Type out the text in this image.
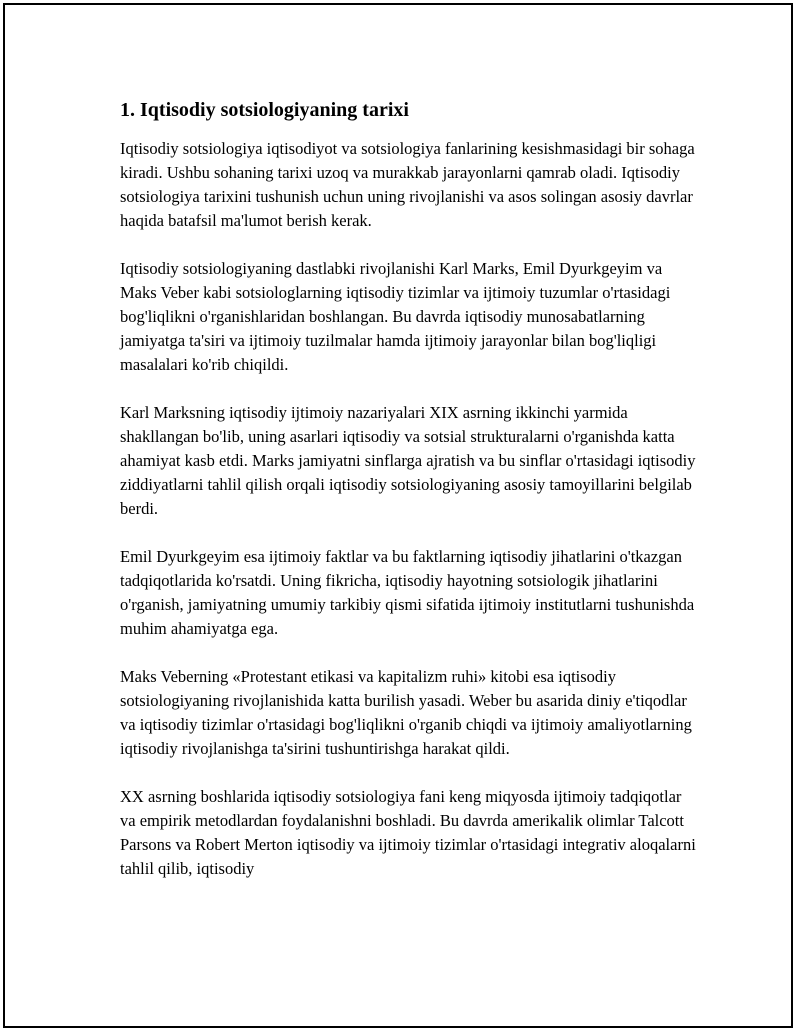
1. Iqtisodiy sotsiologiyaning tarixi

Iqtisodiy sotsiologiya iqtisodiyot va sotsiologiya fanlarining kesishmasidagi bir sohaga kiradi. Ushbu sohaning tarixi uzoq va murakkab jarayonlarni qamrab oladi. Iqtisodiy sotsiologiya tarixini tushunish uchun uning rivojlanishi va asos solingan asosiy davrlar haqida batafsil ma'lumot berish kerak.

Iqtisodiy sotsiologiyaning dastlabki rivojlanishi Karl Marks, Emil Dyurkgeyim va Maks Veber kabi sotsiologlarning iqtisodiy tizimlar va ijtimoiy tuzumlar o'rtasidagi bog'liqlikni o'rganishlaridan boshlangan. Bu davrda iqtisodiy munosabatlarning jamiyatga ta'siri va ijtimoiy tuzilmalar hamda ijtimoiy jarayonlar bilan bog'liqligi masalalari ko'rib chiqildi.

Karl Marksning iqtisodiy ijtimoiy nazariyalari XIX asrning ikkinchi yarmida shakllangan bo'lib, uning asarlari iqtisodiy va sotsial strukturalarni o'rganishda katta ahamiyat kasb etdi. Marks jamiyatni sinflarga ajratish va bu sinflar o'rtasidagi iqtisodiy ziddiyatlarni tahlil qilish orqali iqtisodiy sotsiologiyaning asosiy tamoyillarini belgilab berdi.

Emil Dyurkgeyim esa ijtimoiy faktlar va bu faktlarning iqtisodiy jihatlarini o'tkazgan tadqiqotlarida ko'rsatdi. Uning fikricha, iqtisodiy hayotning sotsiologik jihatlarini o'rganish, jamiyatning umumiy tarkibiy qismi sifatida ijtimoiy institutlarni tushunishda muhim ahamiyatga ega.

Maks Veberning «Protestant etikasi va kapitalizm ruhi» kitobi esa iqtisodiy sotsiologiyaning rivojlanishida katta burilish yasadi. Weber bu asarida diniy e'tiqodlar va iqtisodiy tizimlar o'rtasidagi bog'liqlikni o'rganib chiqdi va ijtimoiy amaliyotlarning iqtisodiy rivojlanishga ta'sirini tushuntirishga harakat qildi.

XX asrning boshlarida iqtisodiy sotsiologiya fani keng miqyosda ijtimoiy tadqiqotlar va empirik metodlardan foydalanishni boshladi. Bu davrda amerikalik olimlar Talcott Parsons va Robert Merton iqtisodiy va ijtimoiy tizimlar o'rtasidagi integrativ aloqalarni tahlil qilib, iqtisodiy
